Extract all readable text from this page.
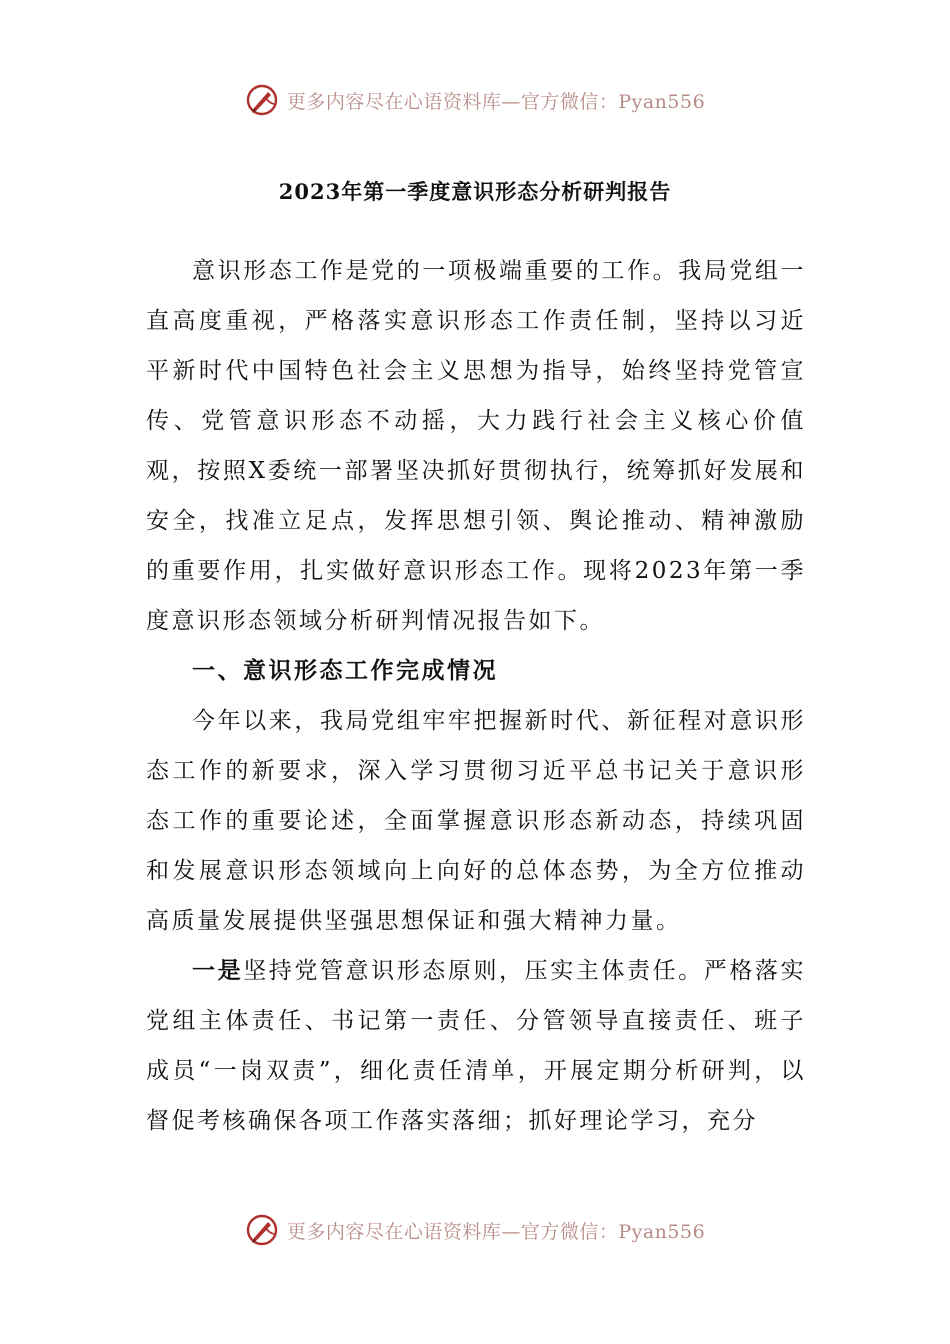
更多内容尽在心语资料库—官方微信：Pyan556
2023年第一季度意识形态分析研判报告

意识形态工作是党的一项极端重要的工作。我局党组一直高度重视，严格落实意识形态工作责任制，坚持以习近平新时代中国特色社会主义思想为指导，始终坚持党管宣传、党管意识形态不动摇，大力践行社会主义核心价值观，按照X委统一部署坚决抓好贯彻执行，统筹抓好发展和安全，找准立足点，发挥思想引领、舆论推动、精神激励的重要作用，扎实做好意识形态工作。现将2023年第一季度意识形态领域分析研判情况报告如下。

一、意识形态工作完成情况

今年以来，我局党组牢牢把握新时代、新征程对意识形态工作的新要求，深入学习贯彻习近平总书记关于意识形态工作的重要论述，全面掌握意识形态新动态，持续巩固和发展意识形态领域向上向好的总体态势，为全方位推动高质量发展提供坚强思想保证和强大精神力量。

一是坚持党管意识形态原则，压实主体责任。严格落实党组主体责任、书记第一责任、分管领导直接责任、班子成员“一岗双责”，细化责任清单，开展定期分析研判，以督促考核确保各项工作落实落细；抓好理论学习，充分

更多内容尽在心语资料库—官方微信：Pyan556
